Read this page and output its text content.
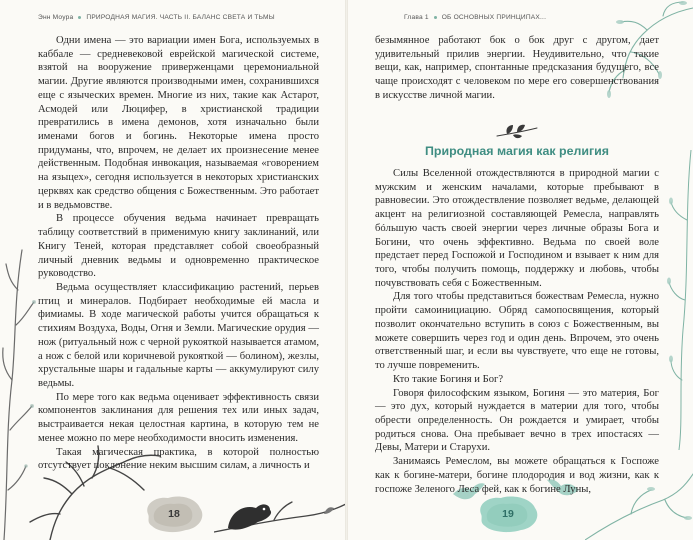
Энн Моура ПРИРОДНАЯ МАГИЯ. ЧАСТЬ II. БАЛАНС СВЕТА И ТЬМЫ

Одни имена — это вариации имен Бога, используемых в каббале — средневековой еврейской магической системе, взятой на вооружение приверженцами церемониальной магии. Другие являются производными имен, сохранившихся еще с языческих времен. Многие из них, такие как Астарот, Асмодей или Люцифер, в христианской традиции превратились в имена демонов, хотя изначально были именами богов и богинь. Некоторые имена просто придуманы, что, впрочем, не делает их произнесение менее действенным. Подобная инвокация, называемая «говорением на языцех», сегодня используется в некоторых христианских церквях как средство общения с Божественным. Это работает и в ведьмовстве.

В процессе обучения ведьма начинает превращать таблицу соответствий в применимую книгу заклинаний, или Книгу Теней, которая представляет собой своеобразный личный дневник ведьмы и одновременно практическое руководство.

Ведьма осуществляет классификацию растений, перьев птиц и минералов. Подбирает необходимые ей масла и фимиамы. В ходе магической работы учится обращаться к стихиям Воздуха, Воды, Огня и Земли. Магические орудия — нож (ритуальный нож с черной рукояткой называется атамом, а нож с белой или коричневой рукояткой — болином), жезлы, хрустальные шары и гадальные карты — аккумулируют силу ведьмы.

По мере того как ведьма оценивает эффективность связи компонентов заклинания для решения тех или иных задач, выстраивается некая целостная картина, в которую тем не менее можно по мере необходимости вносить изменения.

Такая магическая практика, в которой полностью отсутствует поклонение неким высшим силам, а личность и

18
Глава 1 ОБ ОСНОВНЫХ ПРИНЦИПАХ...

безымянное работают бок о бок друг с другом, дает удивительный прилив энергии. Неудивительно, что такие вещи, как, например, спонтанные предсказания будущего, все чаще происходят с человеком по мере его совершенствования в искусстве личной магии.

Природная магия как религия

Силы Вселенной отождествляются в природной магии с мужским и женским началами, которые пребывают в равновесии. Это отождествление позволяет ведьме, делающей акцент на религиозной составляющей Ремесла, направлять бóльшую часть своей энергии через личные образы Бога и Богини, что очень эффективно. Ведьма по своей воле предстает перед Госпожой и Господином и взывает к ним для того, чтобы получить помощь, поддержку и любовь, чтобы почувствовать себя с Божественным.

Для того чтобы представиться божествам Ремесла, нужно пройти самоинициацию. Обряд самопосвящения, который позволит окончательно вступить в союз с Божественным, вы можете совершить через год и один день. Впрочем, это очень ответственный шаг, и если вы чувствуете, что еще не готовы, то лучше повременить.

Кто такие Богиня и Бог?

Говоря философским языком, Богиня — это материя, Бог — это дух, который нуждается в материи для того, чтобы обрести определенность. Он рождается и умирает, чтобы родиться снова. Она пребывает вечно в трех ипостасях — Девы, Матери и Старухи.

Занимаясь Ремеслом, вы можете обращаться к Госпоже как к богине-матери, богине плодородия и вод жизни, как к госпоже Зеленого Леса фей, как к богине Луны,

19
